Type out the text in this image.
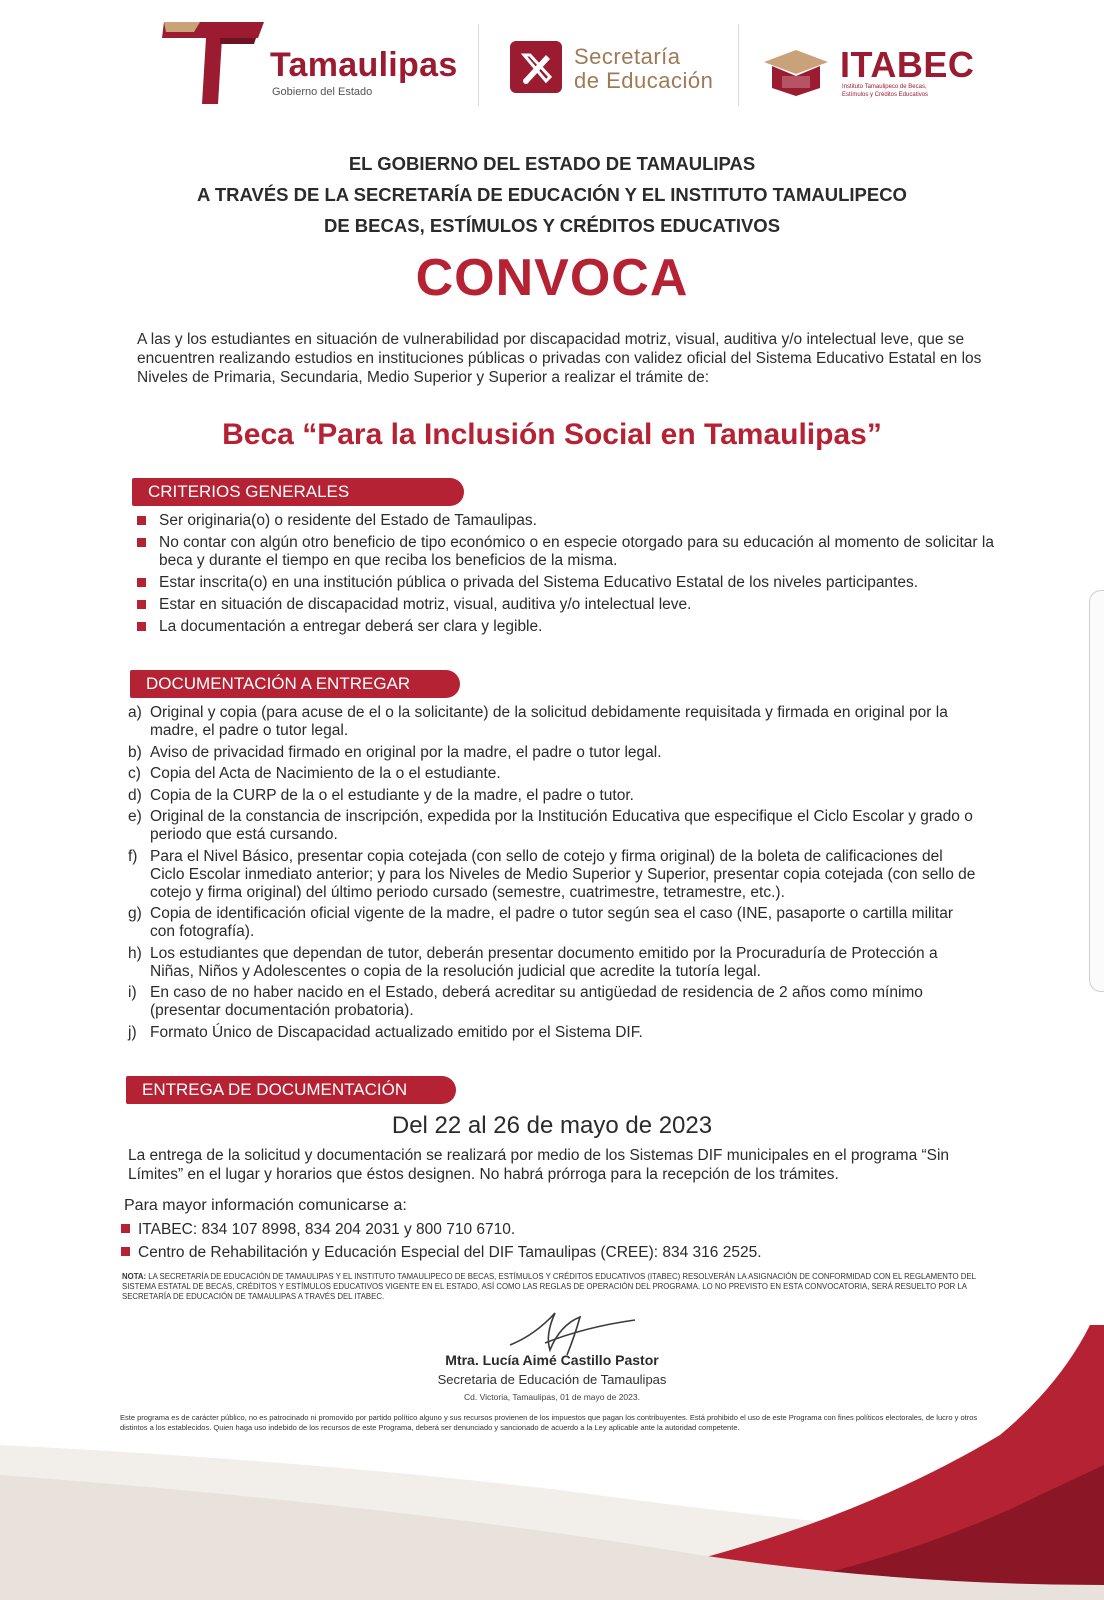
Tamaulipas
Gobierno del Estado
Secretaría
de Educación	ITABEC
Instituto Tamaulipeco de Becas,
Estímulos y Créditos Educativos
EL GOBIERNO DEL ESTADO DE TAMAULIPAS
A TRAVÉS DE LA SECRETARÍA DE EDUCACIÓN Y EL INSTITUTO TAMAULIPECO
DE BECAS, ESTÍMULOS Y CRÉDITOS EDUCATIVOS
CONVOCA
A las y los estudiantes en situación de vulnerabilidad por discapacidad motriz, visual, auditiva y/o intelectual leve, que se encuentren realizando estudios en instituciones públicas o privadas con validez oficial del Sistema Educativo Estatal en los Niveles de Primaria, Secundaria, Medio Superior y Superior a realizar el trámite de:
Beca “Para la Inclusión Social en Tamaulipas”
CRITERIOS GENERALES
Ser originaria(o) o residente del Estado de Tamaulipas.
No contar con algún otro beneficio de tipo económico o en especie otorgado para su educación al momento de solicitar la beca y durante el tiempo en que reciba los beneficios de la misma.
Estar inscrita(o) en una institución pública o privada del Sistema Educativo Estatal de los niveles participantes.
Estar en situación de discapacidad motriz, visual, auditiva y/o intelectual leve.
La documentación a entregar deberá ser clara y legible.
DOCUMENTACIÓN A ENTREGAR
a) Original y copia (para acuse de el o la solicitante) de la solicitud debidamente requisitada y firmada en original por la madre, el padre o tutor legal.
b) Aviso de privacidad firmado en original por la madre, el padre o tutor legal.
c) Copia del Acta de Nacimiento de la o el estudiante.
d) Copia de la CURP de la o el estudiante y de la madre, el padre o tutor.
e) Original de la constancia de inscripción, expedida por la Institución Educativa que especifique el Ciclo Escolar y grado o periodo que está cursando.
f) Para el Nivel Básico, presentar copia cotejada (con sello de cotejo y firma original) de la boleta de calificaciones del Ciclo Escolar inmediato anterior; y para los Niveles de Medio Superior y Superior, presentar copia cotejada (con sello de cotejo y firma original) del último periodo cursado (semestre, cuatrimestre, tetramestre, etc.).
g) Copia de identificación oficial vigente de la madre, el padre o tutor según sea el caso (INE, pasaporte o cartilla militar con fotografía).
h) Los estudiantes que dependan de tutor, deberán presentar documento emitido por la Procuraduría de Protección a Niñas, Niños y Adolescentes o copia de la resolución judicial que acredite la tutoría legal.
i) En caso de no haber nacido en el Estado, deberá acreditar su antigüedad de residencia de 2 años como mínimo (presentar documentación probatoria).
j) Formato Único de Discapacidad actualizado emitido por el Sistema DIF.
ENTREGA DE DOCUMENTACIÓN
Del 22 al 26 de mayo de 2023
La entrega de la solicitud y documentación se realizará por medio de los Sistemas DIF municipales en el programa “Sin Límites” en el lugar y horarios que éstos designen. No habrá prórroga para la recepción de los trámites.
Para mayor información comunicarse a:
ITABEC: 834 107 8998, 834 204 2031 y 800 710 6710.
Centro de Rehabilitación y Educación Especial del DIF Tamaulipas (CREE): 834 316 2525.
NOTA: LA SECRETARÍA DE EDUCACIÓN DE TAMAULIPAS Y EL INSTITUTO TAMAULIPECO DE BECAS, ESTÍMULOS Y CRÉDITOS EDUCATIVOS (ITABEC) RESOLVERÁN LA ASIGNACIÓN DE CONFORMIDAD CON EL REGLAMENTO DEL SISTEMA ESTATAL DE BECAS, CRÉDITOS Y ESTÍMULOS EDUCATIVOS VIGENTE EN EL ESTADO, ASÍ COMO LAS REGLAS DE OPERACIÓN DEL PROGRAMA. LO NO PREVISTO EN ESTA CONVOCATORIA, SERÁ RESUELTO POR LA SECRETARÍA DE EDUCACIÓN DE TAMAULIPAS A TRAVÉS DEL ITABEC.
Mtra. Lucía Aimé Castillo Pastor
Secretaria de Educación de Tamaulipas
Cd. Victoria, Tamaulipas, 01 de mayo de 2023.
Este programa es de carácter público, no es patrocinado ni promovido por partido político alguno y sus recursos provienen de los impuestos que pagan los contribuyentes. Está prohibido el uso de este Programa con fines políticos electorales, de lucro y otros distintos a los establecidos. Quien haga uso indebido de los recursos de este Programa, deberá ser denunciado y sancionado de acuerdo a la Ley aplicable ante la autoridad competente.
